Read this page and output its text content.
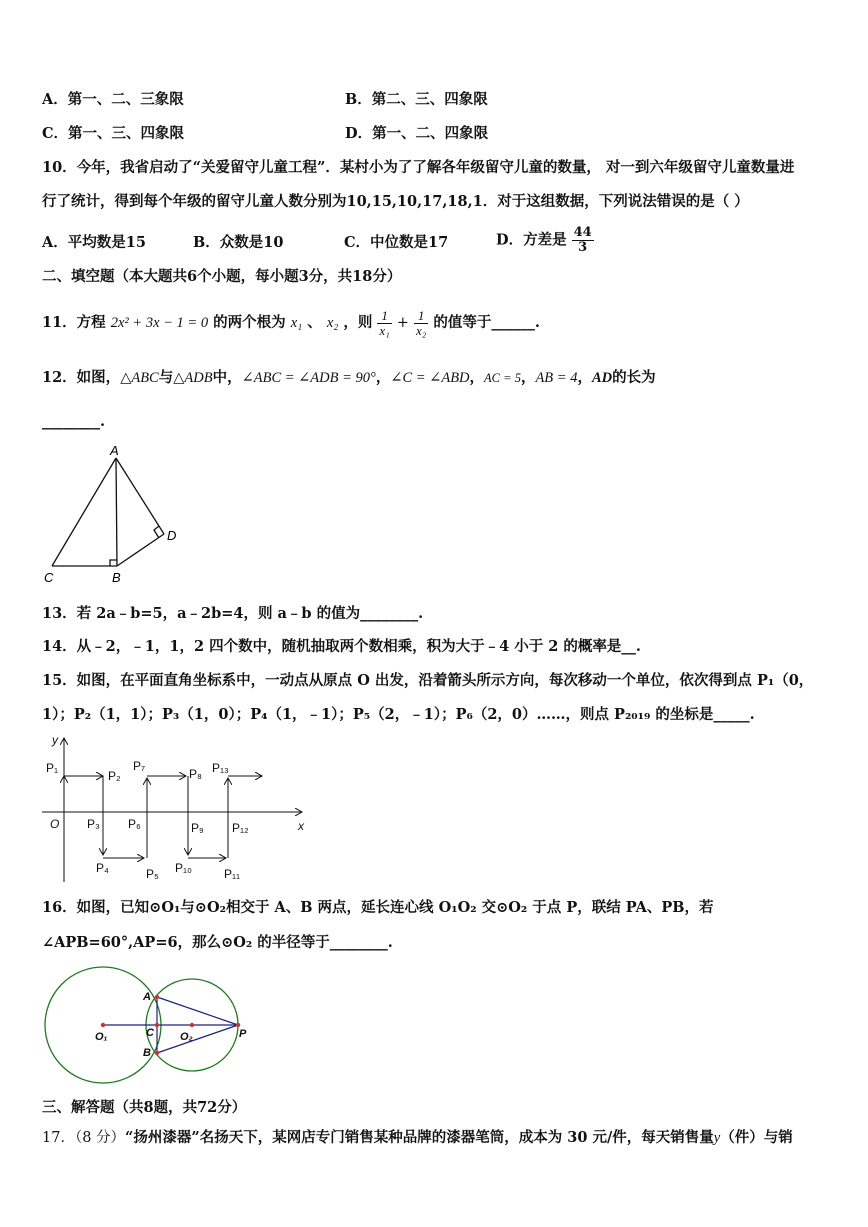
A．第一、二、三象限	B．第二、三、四象限
C．第一、三、四象限	D．第一、二、四象限
10．今年，我省启动了“关爱留守儿童工程”．某村小为了了解各年级留守儿童的数量， 对一到六年级留守儿童数量进
行了统计，得到每个年级的留守儿童人数分别为10,15,10,17,18,1．对于这组数据，下列说法错误的是（ ）
A．平均数是15	B．众数是10	C．中位数是17	D．方差是 $\frac{44}{3}$
二、填空题（本大题共6个小题，每小题3分，共18分）
11．方程 2x² + 3x − 1 = 0 的两个根为 x₁ 、 x₂ ，则 $\frac{1}{\text{x₁}} + \frac{1}{\text{x₂}}$ 的值等于______.
12．如图，△ABC与△ADB中，∠ABC = ∠ADB = 90°，∠C = ∠ABD，AC = 5，AB = 4，AD的长为
________.
A
B
C
D
13．若 2a﹣b=5，a﹣2b=4，则 a﹣b 的值为________.
14．从﹣2，﹣1，1，2 四个数中，随机抽取两个数相乘，积为大于﹣4 小于 2 的概率是__.
15．如图，在平面直角坐标系中，一动点从原点 O 出发，沿着箭头所示方向，每次移动一个单位，依次得到点 P₁（0，
1）；P₂（1，1）；P₃（1，0）；P₄（1，﹣1）；P₅（2，﹣1）；P₆（2，0）……，则点 P₂₀₁₉ 的坐标是_____.
y
x
O
P₁
P₂
P₃
P₄	P₅
P₆
P₇
P₈
P₉
P₁₀	P₁₁
P₁₂
P₁₃
16．如图，已知⊙O₁与⊙O₂相交于 A、B 两点，延长连心线 O₁O₂ 交⊙O₂ 于点 P，联结 PA、PB，若
∠APB=60°,AP=6，那么⊙O₂ 的半径等于________.
A
B
C
O₁	O₂	P
三、解答题（共8题，共72分）
17．（8 分）“扬州漆器”名扬天下，某网店专门销售某种品牌的漆器笔筒，成本为 30 元/件，每天销售量y（件）与销
